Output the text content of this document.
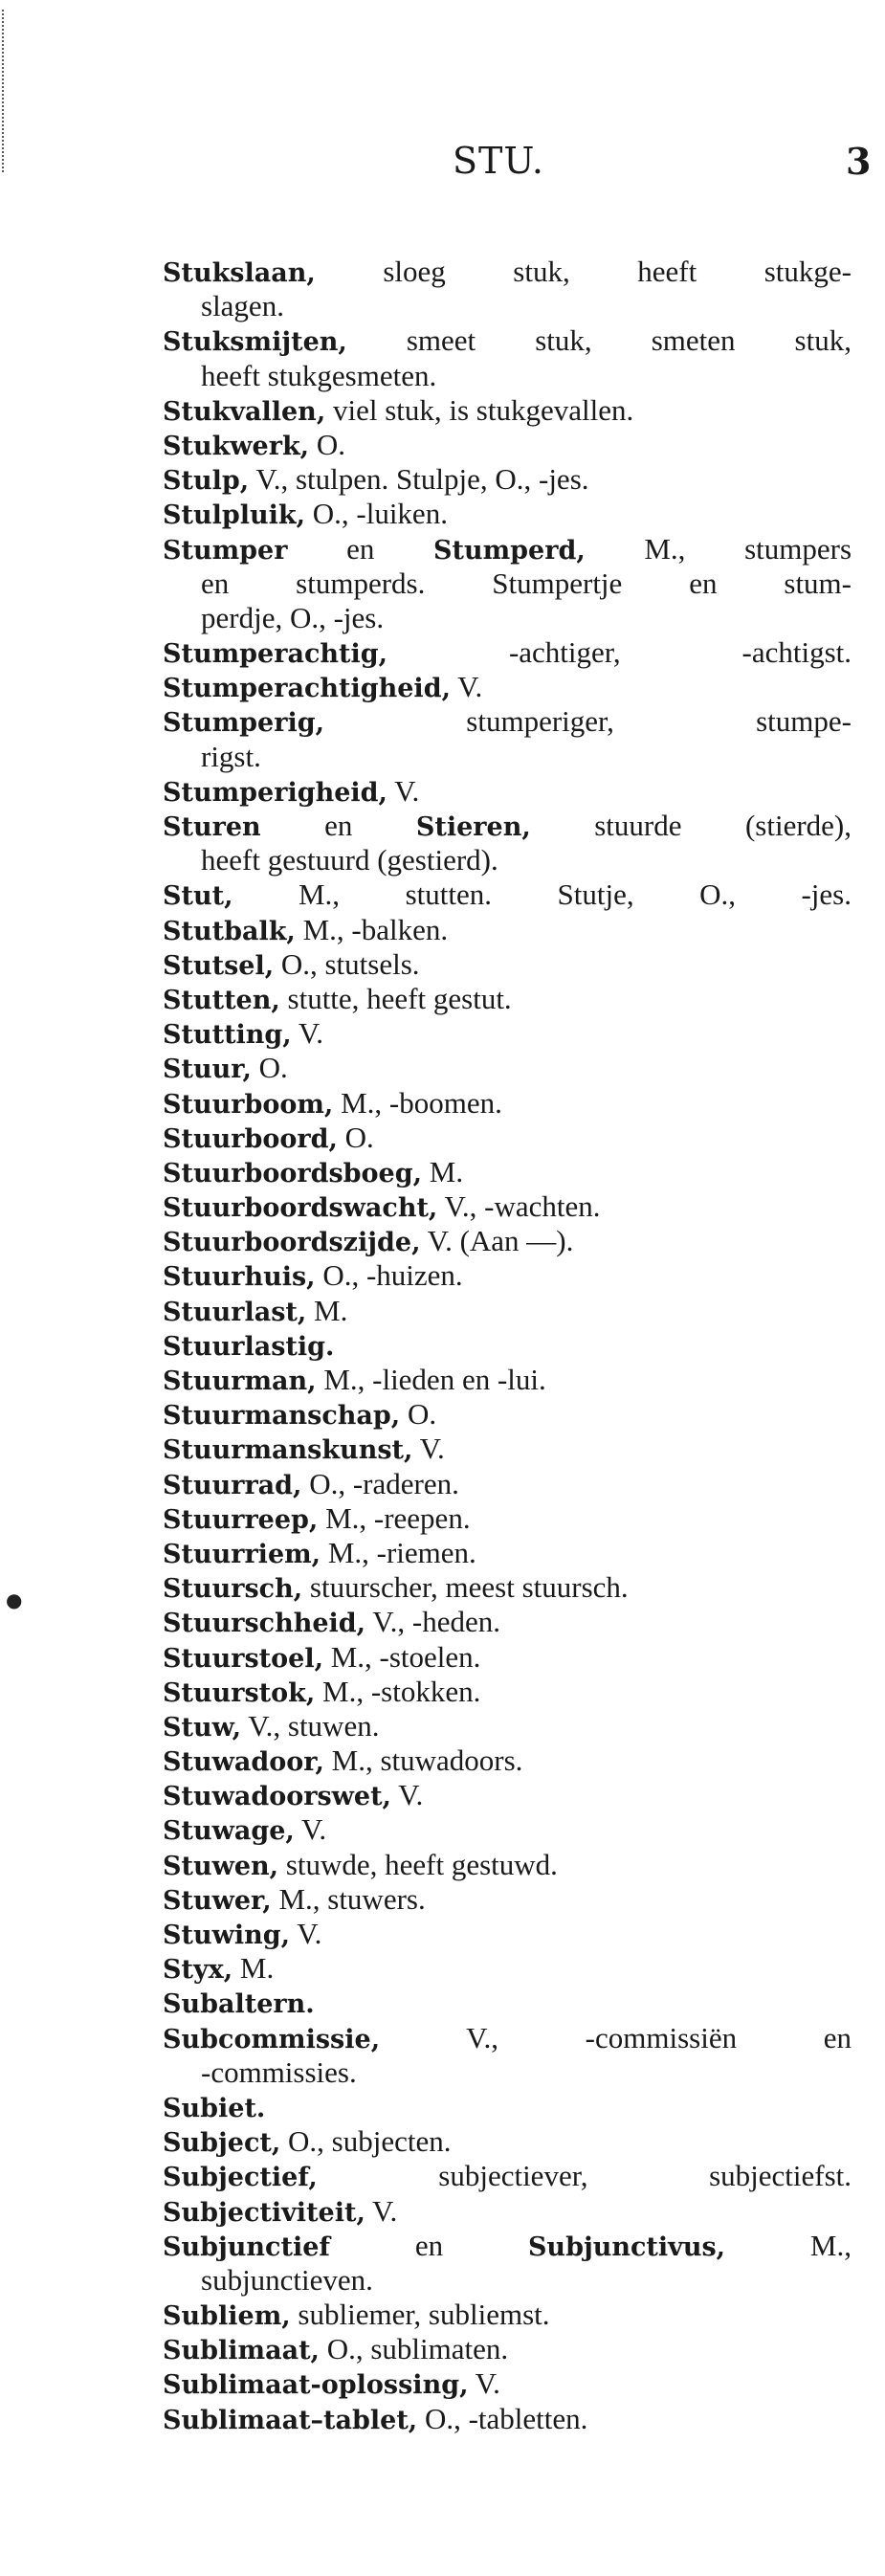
STU.	3
Stukslaan, sloeg stuk, heeft stukge-
slagen.
Stuksmijten, smeet stuk, smeten stuk,
heeft stukgesmeten.
Stukvallen, viel stuk, is stukgevallen.
Stukwerk, O.
Stulp, V., stulpen. Stulpje, O., -jes.
Stulpluik, O., -luiken.
Stumper en Stumperd, M., stumpers
en stumperds. Stumpertje en stum-
perdje, O., -jes.
Stumperachtig, -achtiger, -achtigst.
Stumperachtigheid, V.
Stumperig, stumperiger, stumpe-
rigst.
Stumperigheid, V.
Sturen en Stieren, stuurde (stierde),
heeft gestuurd (gestierd).
Stut, M., stutten. Stutje, O., -jes.
Stutbalk, M., -balken.
Stutsel, O., stutsels.
Stutten, stutte, heeft gestut.
Stutting, V.
Stuur, O.
Stuurboom, M., -boomen.
Stuurboord, O.
Stuurboordsboeg, M.
Stuurboordswacht, V., -wachten.
Stuurboordszijde, V. (Aan —).
Stuurhuis, O., -huizen.
Stuurlast, M.
Stuurlastig.
Stuurman, M., -lieden en -lui.
Stuurmanschap, O.
Stuurmanskunst, V.
Stuurrad, O., -raderen.
Stuurreep, M., -reepen.
Stuurriem, M., -riemen.
Stuursch, stuurscher, meest stuursch.
Stuurschheid, V., -heden.
Stuurstoel, M., -stoelen.
Stuurstok, M., -stokken.
Stuw, V., stuwen.
Stuwadoor, M., stuwadoors.
Stuwadoorswet, V.
Stuwage, V.
Stuwen, stuwde, heeft gestuwd.
Stuwer, M., stuwers.
Stuwing, V.
Styx, M.
Subaltern.
Subcommissie, V., -commissiën en
-commissies.
Subiet.
Subject, O., subjecten.
Subjectief, subjectiever, subjectiefst.
Subjectiviteit, V.
Subjunctief en Subjunctivus, M.,
subjunctieven.
Subliem, subliemer, subliemst.
Sublimaat, O., sublimaten.
Sublimaat-oplossing, V.
Sublimaat–tablet, O., -tabletten.
●
